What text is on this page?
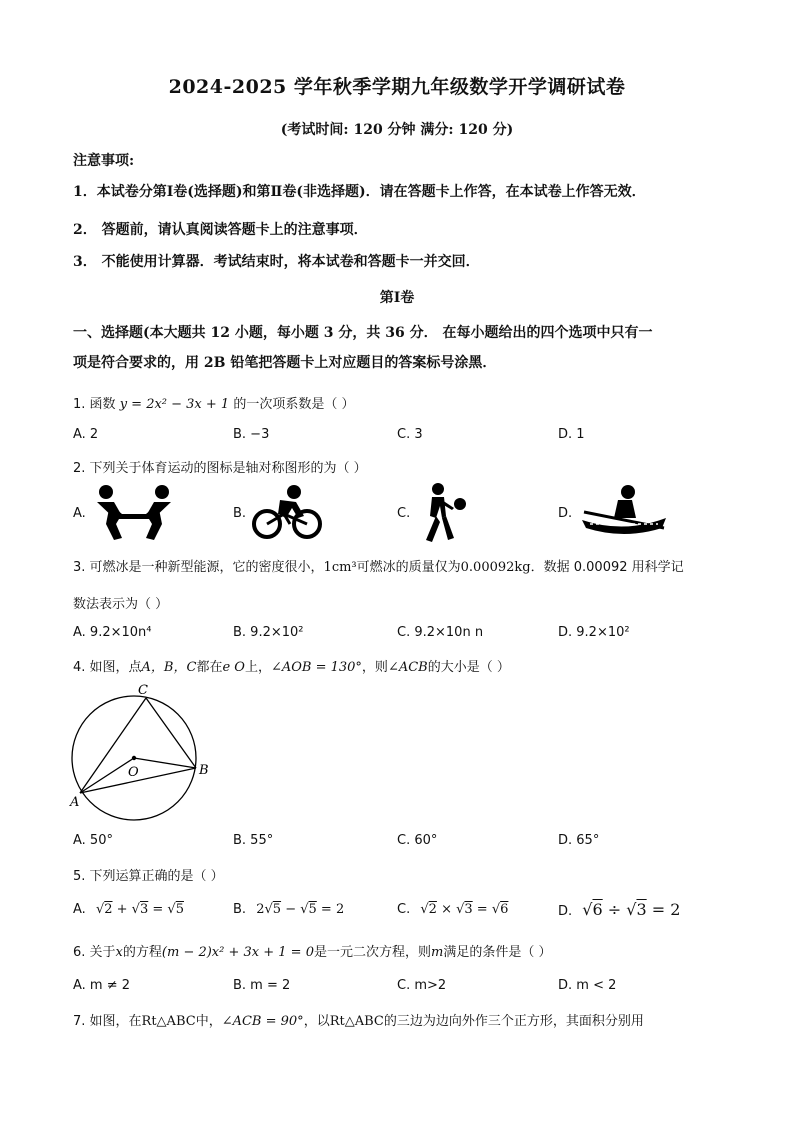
2024-2025 学年秋季学期九年级数学开学调研试卷
(考试时间: 120 分钟 满分: 120 分)
注意事项:
1．本试卷分第Ⅰ卷(选择题)和第Ⅱ卷(非选择题)．请在答题卡上作答，在本试卷上作答无效．
2． 答题前，请认真阅读答题卡上的注意事项．
3． 不能使用计算器．考试结束时，将本试卷和答题卡一并交回．
第Ⅰ卷
一、选择题(本大题共 12 小题，每小题 3 分，共 36 分． 在每小题给出的四个选项中只有一
项是符合要求的，用 2B 铅笔把答题卡上对应题目的答案标号涂黑．
1. 函数 y = 2x² − 3x + 1 的一次项系数是（ ）
A. 2	B. −3	C. 3	D. 1
2. 下列关于体育运动的图标是轴对称图形的为（ ）
A.	B.	C.	D.
3. 可燃冰是一种新型能源，它的密度很小，1cm³可燃冰的质量仅为0.00092kg．数据 0.00092 用科学记
数法表示为（ ）
A. 9.2×10n⁴	B. 9.2×10²	C. 9.2×10n n	D. 9.2×10²
4. 如图，点A，B，C都在e O上，∠AOB = 130°，则∠ACB的大小是（ ）
C
O	B
A
A. 50°	B. 55°	C. 60°	D. 65°
5. 下列运算正确的是（ ）
A. √2 + √3 = √5	B. 2√5 − √5 = 2	C. √2 × √3 = √6	D. √6 ÷ √3 = 2
6. 关于x的方程(m − 2)x² + 3x + 1 = 0是一元二次方程，则m满足的条件是（ ）
A. m ≠ 2	B. m = 2	C. m>2	D. m < 2
7. 如图，在Rt△ABC中，∠ACB = 90°，以Rt△ABC的三边为边向外作三个正方形，其面积分别用
